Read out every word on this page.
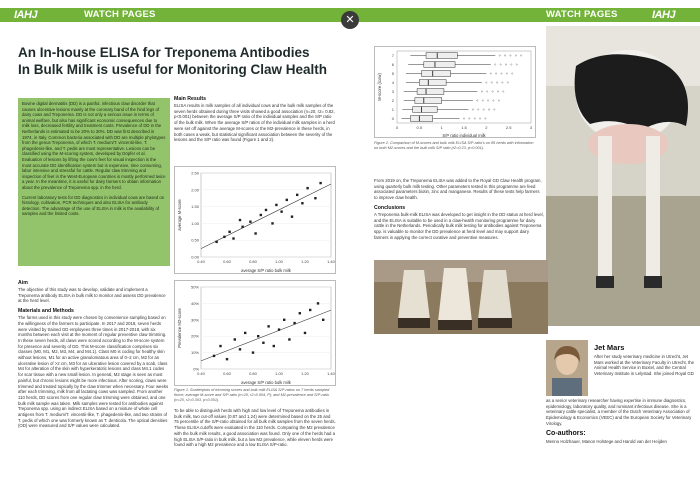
IAHJ	WATCH PAGES
An In-house ELISA for Treponema Antibodies
In Bulk Milk is useful for Monitoring Claw Health

Bovine digital dermatitis (DD) is a painful, infectious claw disorder that causes ulcerative lesions mainly at the coronary band of the hind legs of dairy cows and Treponema. DD is not only a serious issue in terms of animal welfare, but also has significant economic consequences due to milk loss, decreased fertility and treatment costs. Prevalence of DD in the Netherlands is estimated to be 20% to 30%. DD was first described in 1974, in Italy. Common bacteria associated with DD are multiple phylotypes from the genus Treponema, of which T. medium/T. vincentii-like, T. phagedenis-like, and T. pedis are most representative. Lesions can be classified using the M-scoring system, developed by Döpfer et al. Evaluation of lesions by lifting the cow's feet for visual inspection is the most accurate DD identification system but is expensive, time consuming, labor intensive and stressful for cattle. Regular claw trimming and inspection of feet in the West-European countries is mostly performed twice a year. In the meantime, it is useful for dairy farmers to obtain information about the prevalence of Treponema spp. in the herd.

Current laboratory tests for DD diagnostics in individual cows are based on histology, cultivation, PCR techniques and also ELISA for antibody detection. The advantage of the use of ELISA in milk is the availability of samples and the limited costs.

Aim

The objective of this study was to develop, validate and implement a Treponema antibody ELISA in bulk milk to monitor and assess DD prevalence at the herd level.

Materials and Methods

The farms used in this study were chosen by convenience sampling based on the willingness of the farmers to participate. In 2017 and 2018, seven herds were visited by trained GD employees three times in 2017-2018, with six months between each visit at the moment of regular preventive claw trimming. In these seven herds, all claws were scored according to the M-score system for presence and severity of DD. This M-score classification comprises six classes (M0, M1, M2, M3, M4, and M4.1). Class M0 is coding for healthy skin without lesions, M1 for an active granulomatous area of 0–2 cm, M2 for an ulcerative lesion of >2 cm, M3 for an ulcerative lesion covered by a scab, class M4 for alteration of the skin with hyperkeratotic lesions and class M4.1 codes for scar tissue with a new small lesion. In general, M2 stage is seen as most painful, but chronic lesions might be more infectious. After scoring, claws were trimmed and treated topically by the claw trimmer when necessary. Four weeks after each trimming, milk from all lactating cows was sampled. From another 110 herds, DD scores from one regular claw trimming were obtained, and one bulk milk sample was taken. Milk samples were tested for antibodies against Treponema spp. using an indirect ELISA based on a mixture of whole cell antigens from T. medium/T. vincentii-like, T. phagedenis-like, and two strains of T. pedis of which one was formerly known as T. denticola. The optical densities (OD) were measured and S/P values were calculated.

Main Results

ELISA results in milk samples of all individual cows and the bulk milk samples of the seven herds obtained during three visits showed a good association (n=20, r2= 0.82, p<0.001) between the average S/P ratio of the individual samples and the S/P ratio of the bulk milk. When the average S/P ratios of the individual milk samples in a herd were set off against the average M-scores or the M2-prevalence in these herds, in both cases a weak, but statistical significant association between the severity of the lesions and the S/P ratio was found (Figure 1 and 2).

0.00
0.50
1.00
1.50
2.00
2.50
0.40	0.60	0.80	1.00	1.20	1.40
average S/P ratio bulk milk
average M-score
0%
10%
20%
30%
40%
50%
0.40	0.60	0.80	1.00	1.20	1.40
average S/P ratio bulk milk
Prevalence M2-score
Figure 1. Scatterplots of trimming scores and bulk milk ELISA S/P-ratios on 7 herds sampled thrice; average M-score and S/P-ratio (n=20, r2=0.504, P); and M2-prevalence and S/P-ratio (n=20, r2=0.303, p<0.001).

To be able to distinguish herds with high and low level of Treponema antibodies in bulk milk, two cut-off values (0.87 and 1.24) were determined based on the 25 and 75 percentile of the S/P-ratio obtained for all bulk milk samples from the seven herds. These ELISA cutoffs were evaluated in the 110 herds. Comparing the M2 prevalence with the bulk milk results, a good association was found. Only one of the herds had a high ELISA S/P-ratio in bulk milk, but a low M2 prevalence, while eleven herds were found with a high M2 prevalence and a low ELISA S/P-ratio.

✕	WATCH PAGES	IAHJ
0
1
2
3
4
5
6
7
0	0.5	1	1.5	2	2.5	3
S/P ratio individual milk
M-score (/cow)
Figure 2. Comparison of M-scores and bulk milk ELISA S/P-ratio's on 85 herds with information on both M2-scores and the bulk milk S/P ratio (r2=0.23, p<0.001).

From 2019 on, the Treponema ELISA was added to the Royal GD Claw Health program, using quarterly bulk milk testing. Other parameters tested in this programme are feed associated parameters biotin, zinc and manganese. Results of these tests help farmers to improve claw health.

Conclusions

A Treponema bulk-milk ELISA was developed to get insight in the DD status at herd level, and the ELISA is suitable to be used in a claw-health monitoring programme for dairy cattle in the Netherlands. Periodically bulk milk testing for antibodies against Treponema spp. is valuable to monitor the DD prevalence at herd level and may support dairy farmers in applying the correct curative and preventive measures.

Jet Mars

After her study veterinary medicine in Utrecht, Jet Mars worked at the Veterinary Faculty in Utrecht, the Animal Health Service in Boxtel, and the Central Veterinary Institute in Lelystad. She joined Royal GD

as a senior veterinary researcher having expertise in immune diagnostics, epidemiology, laboratory quality, and ruminant infectious disease. She is a veterinary cattle specialist, a member of the Dutch Veterinary Association of Epidemiology & Economics (VEEC) and the European Society for Veterinary Virology.

Co-authors:

Menno Holzhauer, Manon Holstege and Harold van der Heijden
